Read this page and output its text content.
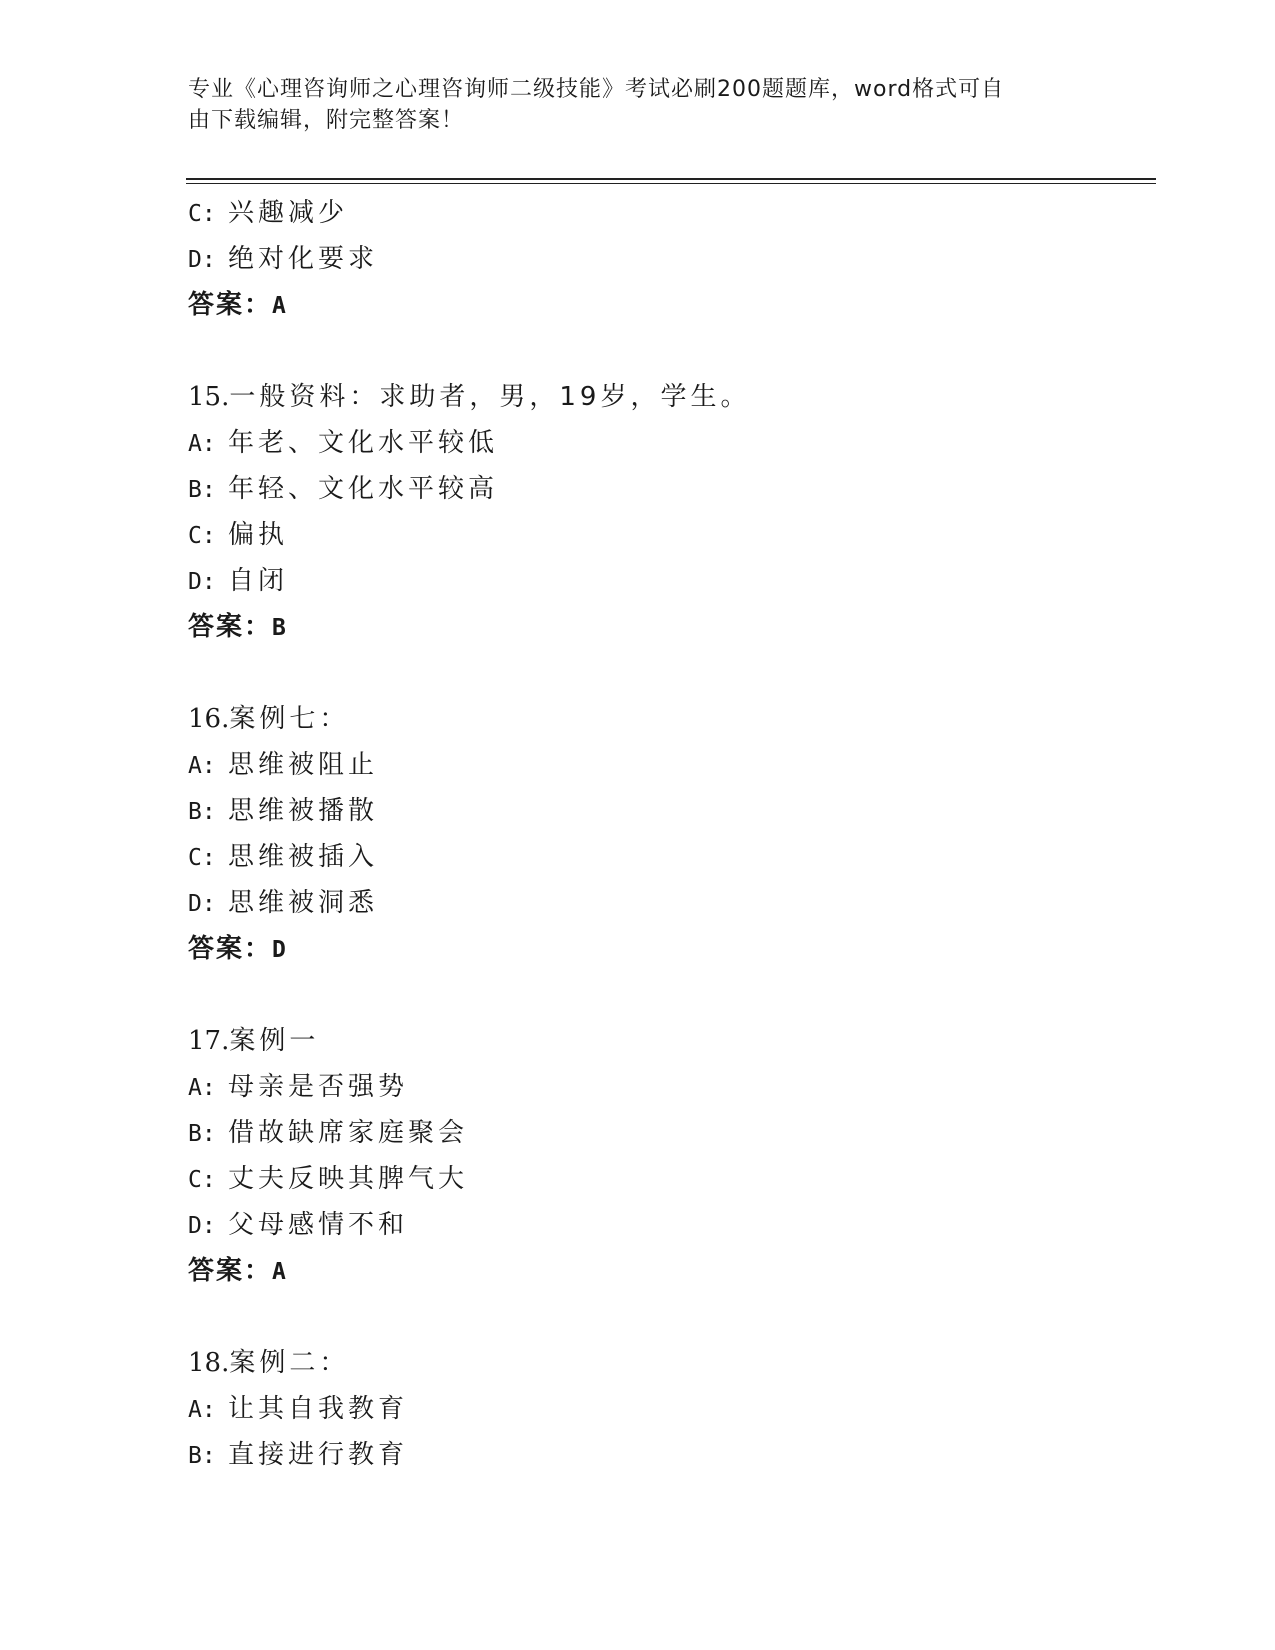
专业《心理咨询师之心理咨询师二级技能》考试必刷200题题库，word格式可自
由下载编辑，附完整答案！
C: 兴趣减少
D: 绝对化要求
答案：A
15.一般资料：求助者，男，19岁，学生。
A: 年老、文化水平较低
B: 年轻、文化水平较高
C: 偏执
D: 自闭
答案：B
16.案例七：
A: 思维被阻止
B: 思维被播散
C: 思维被插入
D: 思维被洞悉
答案：D
17.案例一
A: 母亲是否强势
B: 借故缺席家庭聚会
C: 丈夫反映其脾气大
D: 父母感情不和
答案：A
18.案例二：
A: 让其自我教育
B: 直接进行教育
